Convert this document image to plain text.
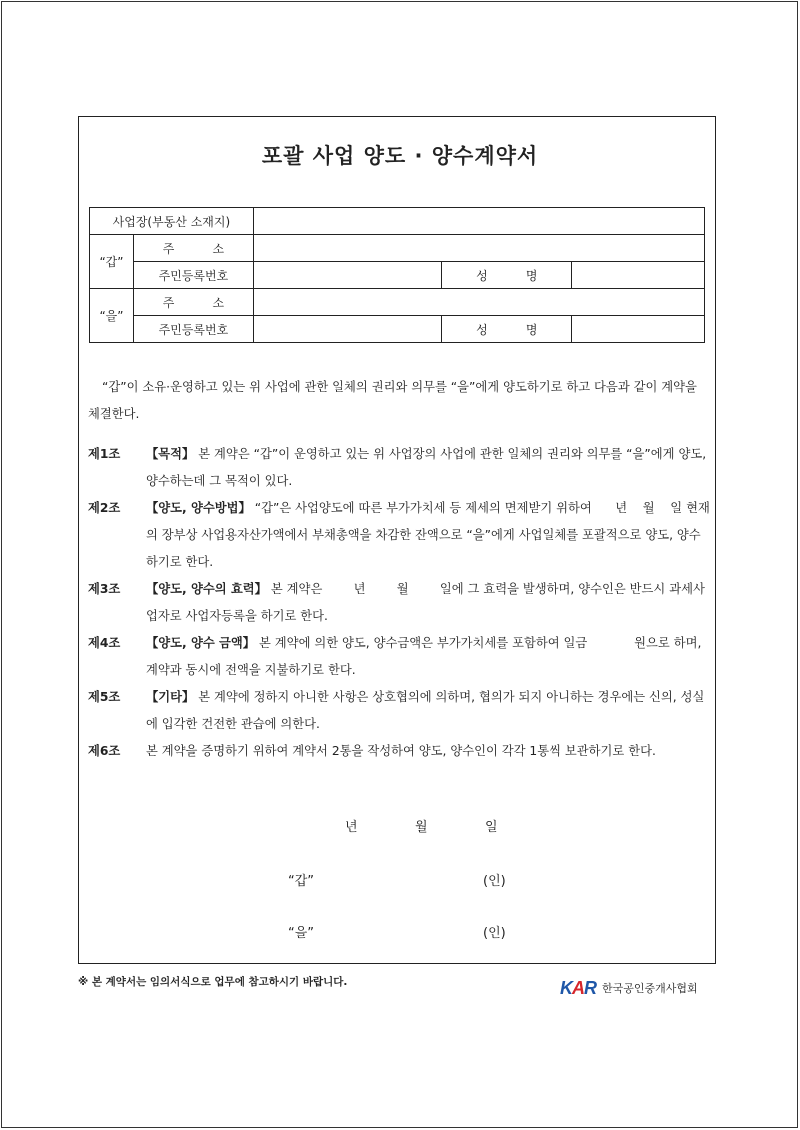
포괄 사업 양도 · 양수계약서
사업장(부동산 소재지)				
“갑”	주          소			
	주민등록번호		성          명	
“을”	주          소			
	주민등록번호		성          명	
“갑”이 소유·운영하고 있는 위 사업에 관한 일체의 권리와 의무를 “을”에게 양도하기로 하고 다음과 같이 계약을 체결한다.
제1조 【목적】 본 계약은 “갑”이 운영하고 있는 위 사업장의 사업에 관한 일체의 권리와 의무를 “을”에게 양도, 양수하는데 그 목적이 있다.
제2조 【양도, 양수방법】 “갑”은 사업양도에 따른 부가가치세 등 제세의 면제받기 위하여      년    월    일 현재의 장부상 사업용자산가액에서 부채총액을 차감한 잔액으로 “을”에게 사업일체를 포괄적으로 양도, 양수하기로 한다.
제3조 【양도, 양수의 효력】 본 계약은        년        월        일에 그 효력을 발생하며, 양수인은 반드시 과세사업자로 사업자등록을 하기로 한다.
제4조 【양도, 양수 금액】 본 계약에 의한 양도, 양수금액은 부가가치세를 포함하여 일금            원으로 하며, 계약과 동시에 전액을 지불하기로 한다.
제5조 【기타】 본 계약에 정하지 아니한 사항은 상호협의에 의하며, 협의가 되지 아니하는 경우에는 신의, 성실에 입각한 건전한 관습에 의한다.
제6조 본 계약을 증명하기 위하여 계약서 2통을 작성하여 양도, 양수인이 각각 1통씩 보관하기로 한다.
년	월	일
“갑”	(인)
“을”	(인)
※ 본 계약서는 임의서식으로 업무에 참고하시기 바랍니다.	KAR 한국공인중개사협회
